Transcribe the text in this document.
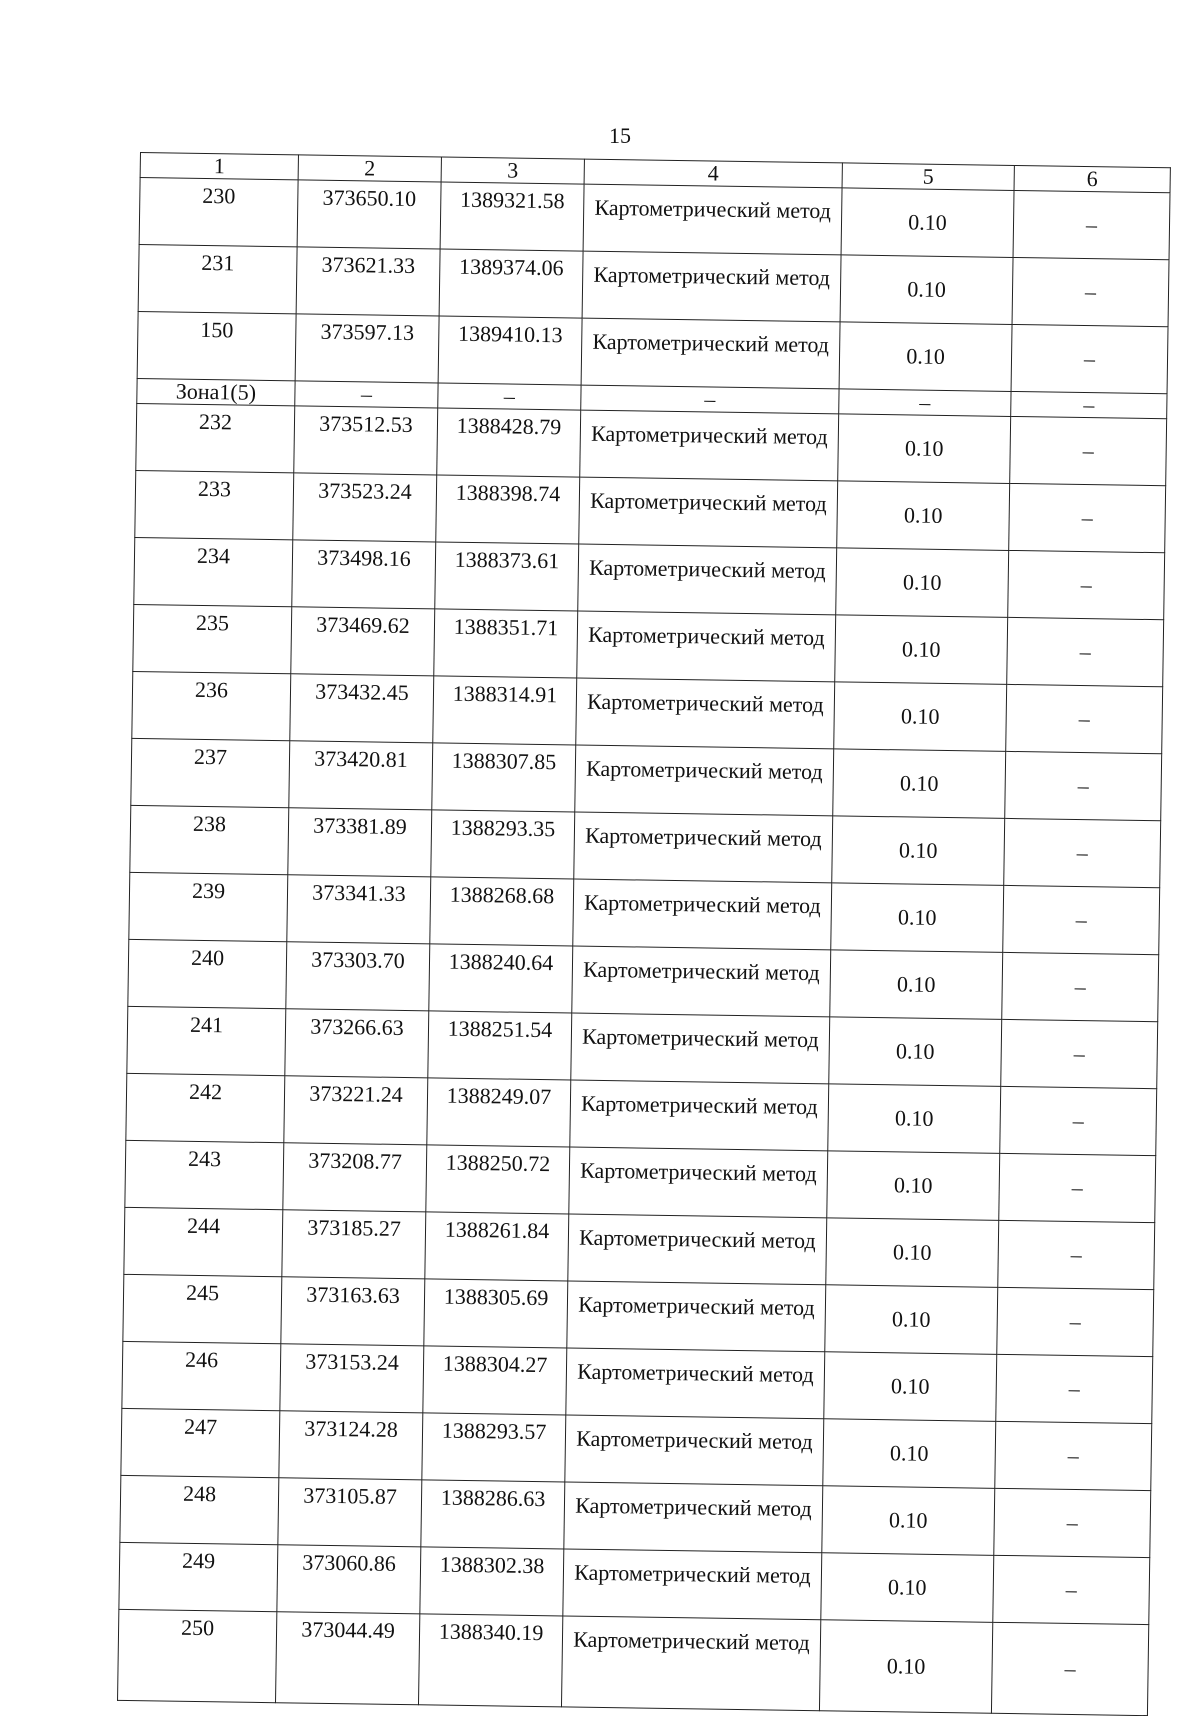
15
1	2	3	4	5	6
230	373650.10	1389321.58	Картометрический метод	0.10	–
231	373621.33	1389374.06	Картометрический метод	0.10	–
150	373597.13	1389410.13	Картометрический метод	0.10	–
Зона1(5)	–	–	–	–	–
232	373512.53	1388428.79	Картометрический метод	0.10	–
233	373523.24	1388398.74	Картометрический метод	0.10	–
234	373498.16	1388373.61	Картометрический метод	0.10	–
235	373469.62	1388351.71	Картометрический метод	0.10	–
236	373432.45	1388314.91	Картометрический метод	0.10	–
237	373420.81	1388307.85	Картометрический метод	0.10	–
238	373381.89	1388293.35	Картометрический метод	0.10	–
239	373341.33	1388268.68	Картометрический метод	0.10	–
240	373303.70	1388240.64	Картометрический метод	0.10	–
241	373266.63	1388251.54	Картометрический метод	0.10	–
242	373221.24	1388249.07	Картометрический метод	0.10	–
243	373208.77	1388250.72	Картометрический метод	0.10	–
244	373185.27	1388261.84	Картометрический метод	0.10	–
245	373163.63	1388305.69	Картометрический метод	0.10	–
246	373153.24	1388304.27	Картометрический метод	0.10	–
247	373124.28	1388293.57	Картометрический метод	0.10	–
248	373105.87	1388286.63	Картометрический метод	0.10	–
249	373060.86	1388302.38	Картометрический метод	0.10	–
250	373044.49	1388340.19	Картометрический метод	0.10	–
